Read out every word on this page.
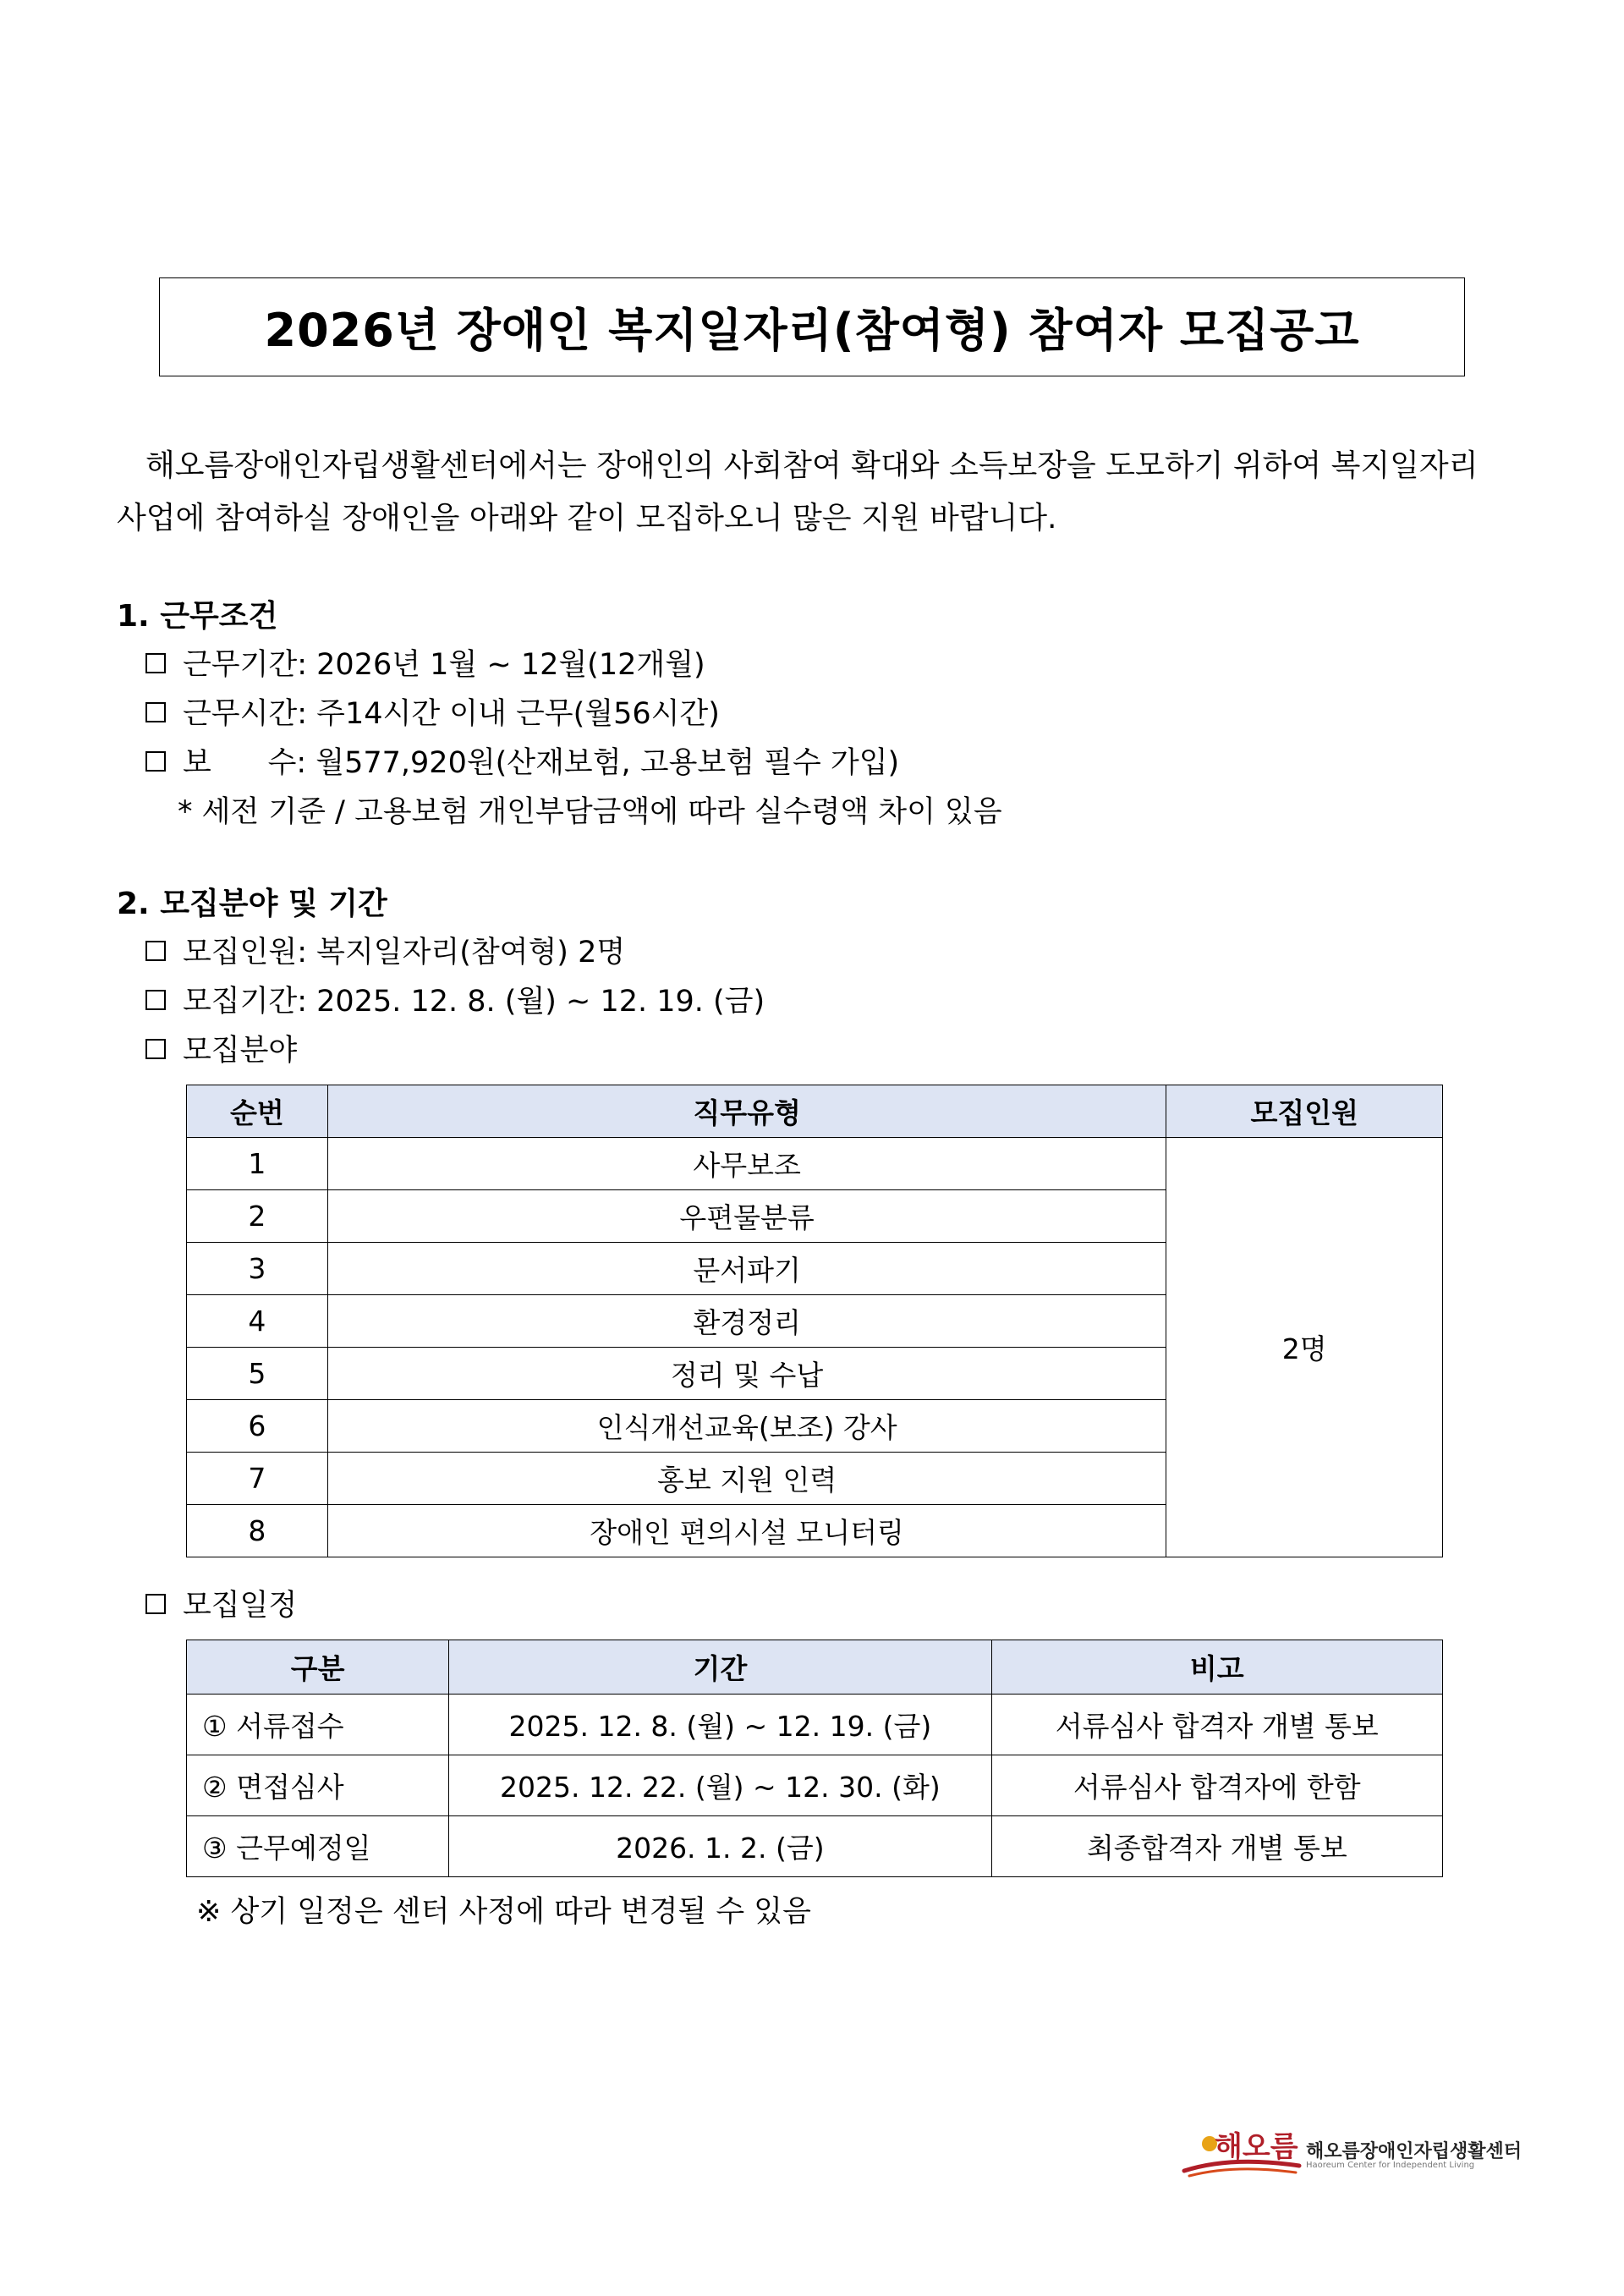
2026년 장애인 복지일자리(참여형) 참여자 모집공고
해오름장애인자립생활센터에서는 장애인의 사회참여 확대와 소득보장을 도모하기 위하여 복지일자리
사업에 참여하실 장애인을 아래와 같이 모집하오니 많은 지원 바랍니다.
1. 근무조건
근무기간: 2026년 1월 ~ 12월(12개월)
근무시간: 주14시간 이내 근무(월56시간)
보      수: 월577,920원(산재보험, 고용보험 필수 가입)
* 세전 기준 / 고용보험 개인부담금액에 따라 실수령액 차이 있음
2. 모집분야 및 기간
모집인원: 복지일자리(참여형) 2명
모집기간: 2025. 12. 8. (월) ~ 12. 19. (금)
모집분야
순번	직무유형	모집인원
1	사무보조	2명
2	우편물분류	
3	문서파기	
4	환경정리	
5	정리 및 수납	
6	인식개선교육(보조) 강사	
7	홍보 지원 인력	
8	장애인 편의시설 모니터링	
모집일정
구분	기간	비고
① 서류접수	2025. 12. 8. (월) ~ 12. 19. (금)	서류심사 합격자 개별 통보
② 면접심사	2025. 12. 22. (월) ~ 12. 30. (화)	서류심사 합격자에 한함
③ 근무예정일	2026. 1. 2. (금)	최종합격자 개별 통보
※ 상기 일정은 센터 사정에 따라 변경될 수 있음
해오름 해오름장애인자립생활센터
Haoreum Center for Independent Living
